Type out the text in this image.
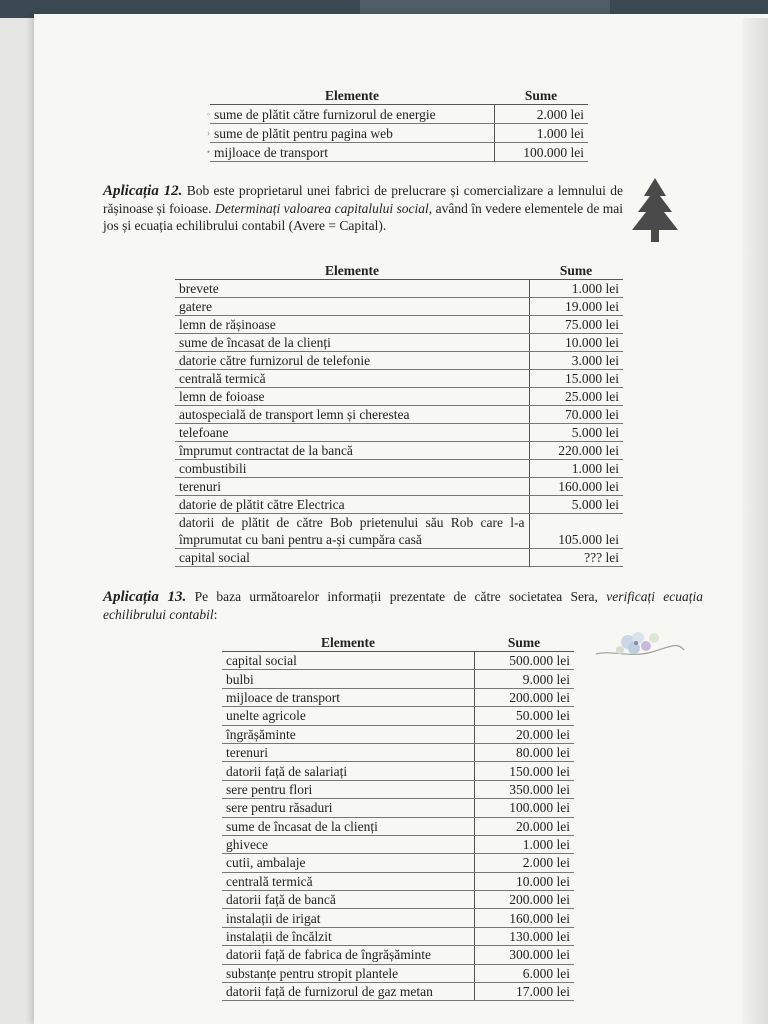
	Elemente	Sume
◦	sume de plătit către furnizorul de energie	2.000 lei
›	sume de plătit pentru pagina web	1.000 lei
•	mijloace de transport	100.000 lei
Aplicația 12. Bob este proprietarul unei fabrici de prelucrare și comercializare a lemnului de rășinoase și foioase. Determinați valoarea capitalului social, având în vedere elementele de mai jos și ecuația echilibrului contabil (Avere = Capital).
Elemente	Sume
brevete	1.000 lei
gatere	19.000 lei
lemn de rășinoase	75.000 lei
sume de încasat de la clienți	10.000 lei
datorie către furnizorul de telefonie	3.000 lei
centrală termică	15.000 lei
lemn de foioase	25.000 lei
autospecială de transport lemn și cherestea	70.000 lei
telefoane	5.000 lei
împrumut contractat de la bancă	220.000 lei
combustibili	1.000 lei
terenuri	160.000 lei
datorie de plătit către Electrica	5.000 lei
datorii de plătit de către Bob prietenului său Rob care l-a împrumutat cu bani pentru a-și cumpăra casă	105.000 lei
capital social	??? lei
Aplicația 13. Pe baza următoarelor informații prezentate de către societatea Sera, verificați ecuația echilibrului contabil:
Elemente	Sume
capital social	500.000 lei
bulbi	9.000 lei
mijloace de transport	200.000 lei
unelte agricole	50.000 lei
îngrășăminte	20.000 lei
terenuri	80.000 lei
datorii față de salariați	150.000 lei
sere pentru flori	350.000 lei
sere pentru răsaduri	100.000 lei
sume de încasat de la clienți	20.000 lei
ghivece	1.000 lei
cutii, ambalaje	2.000 lei
centrală termică	10.000 lei
datorii față de bancă	200.000 lei
instalații de irigat	160.000 lei
instalații de încălzit	130.000 lei
datorii față de fabrica de îngrășăminte	300.000 lei
substanțe pentru stropit plantele	6.000 lei
datorii față de furnizorul de gaz metan	17.000 lei
